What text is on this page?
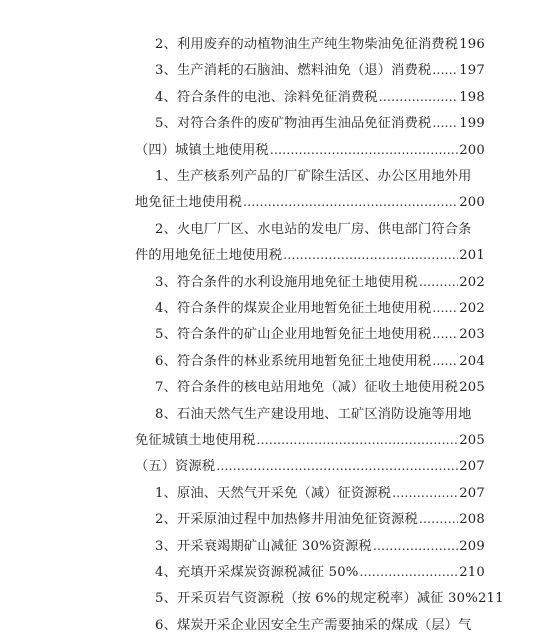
2、利用废弃的动植物油生产纯生物柴油免征消费税 196
3、生产消耗的石脑油、燃料油免（退）消费税 ..... 197
4、符合条件的电池、涂料免征消费税 .....	198
5、对符合条件的废矿物油再生油品免征消费税 ..... 199
（四）城镇土地使用税 .....	200
1、生产核系列产品的厂矿除生活区、办公区用地外用
地免征土地使用税 .....	200
2、火电厂厂区、水电站的发电厂房、供电部门符合条
件的用地免征土地使用税 .....	201
3、符合条件的水利设施用地免征土地使用税 .....	202
4、符合条件的煤炭企业用地暂免征土地使用税 ..... 202
5、符合条件的矿山企业用地暂免征土地使用税 ..... 203
6、符合条件的林业系统用地暂免征土地使用税 ..... 204
7、符合条件的核电站用地免（减）征收土地使用税 205
8、石油天然气生产建设用地、工矿区消防设施等用地
免征城镇土地使用税 .....	205
（五）资源税 .....	207
1、原油、天然气开采免（减）征资源税 .....	207
2、开采原油过程中加热修井用油免征资源税 .....	208
3、开采衰竭期矿山减征 30%资源税 .....	209
4、充填开采煤炭资源税减征 50% .....	210
5、开采页岩气资源税（按 6%的规定税率）减征 30% 211
6、煤炭开采企业因安全生产需要抽采的煤成（层）气
